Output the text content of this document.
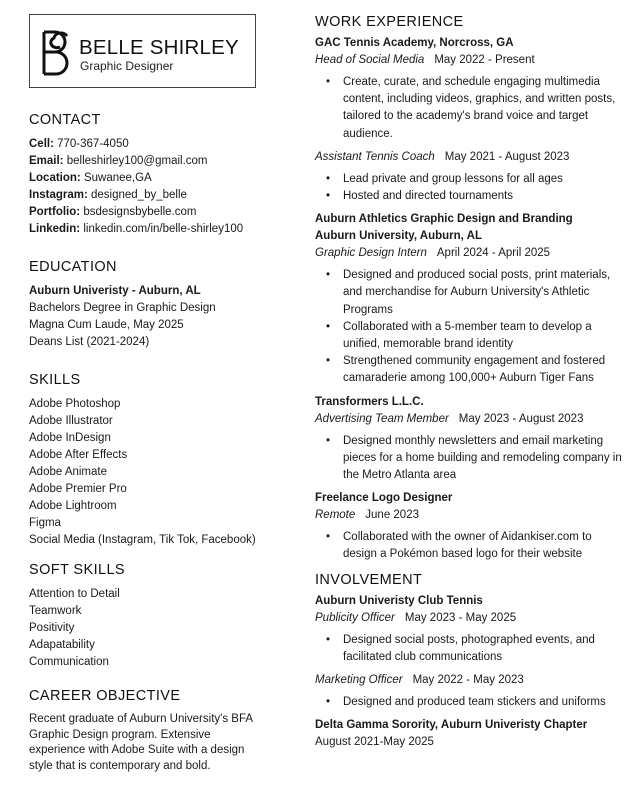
BELLE SHIRLEY
Graphic Designer
CONTACT
Cell: 770-367-4050
Email: belleshirley100@gmail.com
Location: Suwanee,GA
Instagram: designed_by_belle
Portfolio: bsdesignsbybelle.com
Linkedin: linkedin.com/in/belle-shirley100
EDUCATION
Auburn Univeristy - Auburn, AL
Bachelors Degree in Graphic Design
Magna Cum Laude, May 2025
Deans List (2021-2024)
SKILLS
Adobe Photoshop
Adobe Illustrator
Adobe InDesign
Adobe After Effects
Adobe Animate
Adobe Premier Pro
Adobe Lightroom
Figma
Social Media (Instagram, Tik Tok, Facebook)
SOFT SKILLS
Attention to Detail
Teamwork
Positivity
Adapatability
Communication
CAREER OBJECTIVE
Recent graduate of Auburn University's BFA Graphic Design program. Extensive experience with Adobe Suite with a design style that is contemporary and bold.
WORK EXPERIENCE
GAC Tennis Academy, Norcross, GA
Head of Social Media May 2022 - Present
• Create, curate, and schedule engaging multimedia content, including videos, graphics, and written posts, tailored to the academy's brand voice and target audience.
Assistant Tennis Coach May 2021 - August 2023
• Lead private and group lessons for all ages
• Hosted and directed tournaments
Auburn Athletics Graphic Design and Branding
Auburn University, Auburn, AL
Graphic Design Intern April 2024 - April 2025
• Designed and produced social posts, print materials, and merchandise for Auburn University's Athletic Programs
• Collaborated with a 5-member team to develop a unified, memorable brand identity
• Strengthened community engagement and fostered camaraderie among 100,000+ Auburn Tiger Fans
Transformers L.L.C.
Advertising Team Member May 2023 - August 2023
• Designed monthly newsletters and email marketing pieces for a home building and remodeling company in the Metro Atlanta area
Freelance Logo Designer
Remote June 2023
• Collaborated with the owner of Aidankiser.com to design a Pokémon based logo for their website
INVOLVEMENT
Auburn Univeristy Club Tennis
Publicity Officer May 2023 - May 2025
• Designed social posts, photographed events, and facilitated club communications
Marketing Officer May 2022 - May 2023
• Designed and produced team stickers and uniforms
Delta Gamma Sorority, Auburn Univeristy Chapter
August 2021-May 2025
